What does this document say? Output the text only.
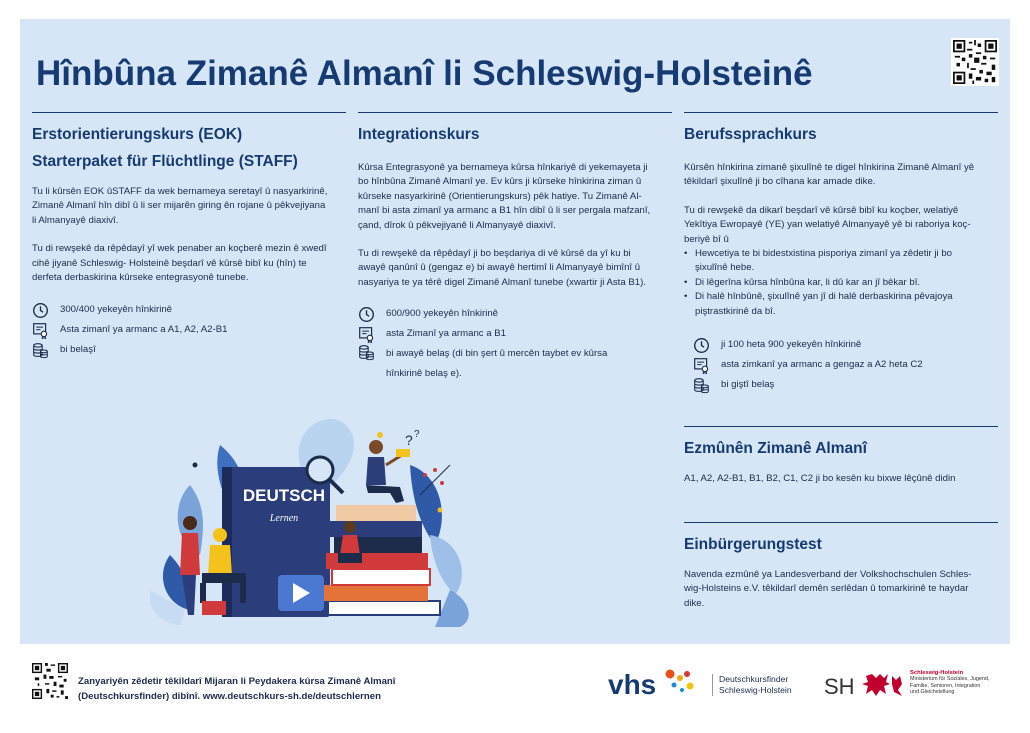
Hînbûna Zimanê Almanî li Schleswig-Holsteinê
Erstorientierungskurs (EOK)
Starterpaket für Flüchtlinge (STAFF)
Tu li kûrsên EOK ûSTAFF da wek bernameya seretayî û nasyarkirinê,
Zimanê Almanî hîn dibî û li ser mijarên giring ên rojane û pêkvejiyana
li Almanyayê diaxivî.
Tu di rewşekê da rêpêdayî yî wek penaber an koçberê mezin ê xwedî
cihê jiyanê Schleswig- Holsteinê beşdarî vê kûrsê bibî ku (hîn) te
derfeta derbaskirina kûrseke entegrasyonê tunebe.
300/400 yekeyên hînkirinê
Asta zimanî ya armanc a A1, A2, A2-B1
bi belaşî
Integrationskurs
Kûrsa Entegrasyonê ya bernameya kûrsa hînkariyê di yekemayeta ji
bo hînbûna Zimanê Almanî ye. Ev kûrs ji kûrseke hînkirina ziman û
kûrseke nasyarkirinê (Orientierungskurs) pêk hatiye. Tu Zimanê Al-
manî bi asta zimanî ya armanc a B1 hîn dibî û li ser pergala mafzanî,
çand, dîrok û pêkvejiyanê li Almanyayê diaxivî.
Tu di rewşekê da rêpêdayî ji bo beşdariya di vê kûrsê da yî ku bi
awayê qanûnî û (gengaz e) bi awayê hertimî li Almanyayê bimînî û
nasyariya te ya têrê digel Zimanê Almanî tunebe (xwartir ji Asta B1).
600/900 yekeyên hînkirinê
asta Zimanî ya armanc a B1
bi awayê belaş (di bin şert û mercên taybet ev kûrsa
hînkirinê belaş e).
Berufssprachkurs
Kûrsên hînkirina zimanê şixulînê te digel hînkirina Zimanê Almanî yê
têkildarî şixulînê ji bo cîhana kar amade dike.
Tu di rewşekê da dikarî beşdarî vê kûrsê bibî ku koçber, welatiyê
Yekîtiya Ewropayê (YE) yan welatiyê Almanyayê yê bi raboriya koç-
beriyê bî û
• Hewcetiya te bi bidestxistina pisporiya zimanî ya zêdetir ji bo
şixulînê hebe.
• Di lêgerîna kûrsa hînbûna kar, li dû kar an jî bêkar bî.
• Di halê hînbûnê, şixulînê yan jî di halê derbaskirina pêvajoya
piştrastkirinê da bî.
ji 100 heta 900 yekeyên hînkirinê
asta zimkanî ya armanc a gengaz a A2 heta C2
bi giştî belaş
Ezmûnên Zimanê Almanî
A1, A2, A2-B1, B1, B2, C1, C2 ji bo kesên ku bixwe lêçûnê didin
Einbürgerungstest
Navenda ezmûnê ya Landesverband der Volkshochschulen Schles-
wig-Holsteins e.V. têkildarî demên serlêdan û tomarkirinê te haydar
dike.
DEUTSCH
Lernen
? ?
Zanyariyên zêdetir têkildarî Mijaran li Peydakera kûrsa Zimanê Almanî
(Deutschkursfinder) dibînî. www.deutschkurs-sh.de/deutschlernen	vhs	Deutschkursfinder
Schleswig-Holstein SH
Schleswig-Holstein
Ministerium für Soziales, Jugend,
Familie, Senioren, Integration
und Gleichstellung
